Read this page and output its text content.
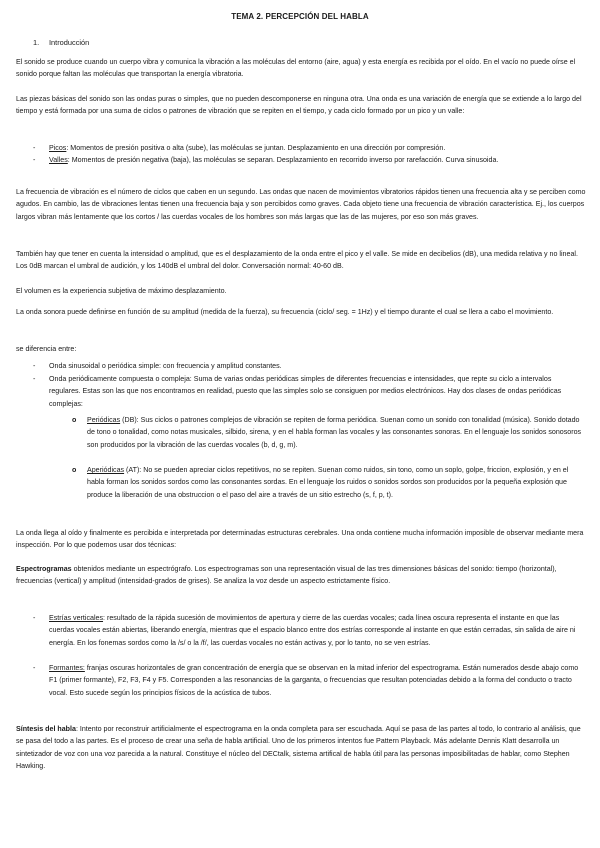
TEMA 2. PERCEPCIÓN DEL HABLA
1. Introducción

El sonido se produce cuando un cuerpo vibra y comunica la vibración a las moléculas del entorno (aire, agua) y esta energía es recibida por el oído. En el vacío no puede oírse el sonido porque faltan las moléculas que transportan la energía vibratoria.

Las piezas básicas del sonido son las ondas puras o simples, que no pueden descomponerse en ninguna otra. Una onda es una variación de energía que se extiende a lo largo del tiempo y está formada por una suma de ciclos o patrones de vibración que se repiten en el tiempo, y cada ciclo formado por un pico y un valle:

- Picos: Momentos de presión positiva o alta (sube), las moléculas se juntan. Desplazamiento en una dirección por compresión.

- Valles: Momentos de presión negativa (baja), las moléculas se separan. Desplazamiento en recorrido inverso por rarefacción. Curva sinusoida.

La frecuencia de vibración es el número de ciclos que caben en un segundo. Las ondas que nacen de movimientos vibratorios rápidos tienen una frecuencia alta y se perciben como agudos. En cambio, las de vibraciones lentas tienen una frecuencia baja y son percibidos como graves. Cada objeto tiene una frecuencia de vibración característica. Ej., los cuerpos largos vibran más lentamente que los cortos / las cuerdas vocales de los hombres son más largas que las de las mujeres, por eso son más graves.

También hay que tener en cuenta la intensidad o amplitud, que es el desplazamiento de la onda entre el pico y el valle. Se mide en decibelios (dB), una medida relativa y no lineal. Los 0dB marcan el umbral de audición, y los 140dB el umbral del dolor. Conversación normal: 40-60 dB.

El volumen es la experiencia subjetiva de máximo desplazamiento.

La onda sonora puede definirse en función de su amplitud (medida de la fuerza), su frecuencia (ciclo/ seg. = 1Hz) y el tiempo durante el cual se llera a cabo el movimiento.

se diferencia entre:

- Onda sinusoidal o periódica simple: con frecuencia y amplitud constantes.

- Onda periódicamente compuesta o compleja: Suma de varias ondas periódicas simples de diferentes frecuencias e intensidades, que repte su ciclo a intervalos regulares. Estas son las que nos encontramos en realidad, puesto que las simples solo se consiguen por medios electrónicos. Hay dos clases de ondas periódicas complejas:

o Periódicas (DB): Sus ciclos o patrones complejos de vibración se repiten de forma periódica. Suenan como un sonido con tonalidad (música). Sonido dotado de tono o tonalidad, como notas musicales, silbido, sirena, y en el habla forman las vocales y las consonantes sonoras. En el lenguaje los sonidos sonosoros son producidos por la vibración de las cuerdas vocales (b, d, g, m).

o Aperiódicas (AT): No se pueden apreciar ciclos repetitivos, no se repiten. Suenan como ruidos, sin tono, como un soplo, golpe, friccion, explosión, y en el habla forman los sonidos sordos como las consonantes sordas. En el lenguaje los ruidos o sonidos sordos son producidos por la pequeña explosión que produce la liberación de una obstruccion o el paso del aire a través de un sitio estrecho (s, f, p, t).

La onda llega al oído y finalmente es percibida e interpretada por determinadas estructuras cerebrales. Una onda contiene mucha información imposible de observar mediante mera inspección. Por lo que podemos usar dos técnicas:

Espectrogramas obtenidos mediante un espectrógrafo. Los espectrogramas son una representación visual de las tres dimensiones básicas del sonido: tiempo (horizontal), frecuencias (vertical) y amplitud (intensidad-grados de grises). Se analiza la voz desde un aspecto estrictamente físico.

- Estrías verticales: resultado de la rápida sucesión de movimientos de apertura y cierre de las cuerdas vocales; cada línea oscura representa el instante en que las cuerdas vocales están abiertas, liberando energía, mientras que el espacio blanco entre dos estrías corresponde al instante en que están cerradas, sin salida de aire ni energía. En los fonemas sordos como la /s/ o la /f/, las cuerdas vocales no están activas y, por lo tanto, no se ven estrías.

- Formantes: franjas oscuras horizontales de gran concentración de energía que se observan en la mitad inferior del espectrograma. Están numerados desde abajo como F1 (primer formante), F2, F3, F4 y F5. Corresponden a las resonancias de la garganta, o frecuencias que resultan potenciadas debido a la forma del conducto o tracto vocal. Esto sucede según los principios físicos de la acústica de tubos.

Síntesis del habla: Intento por reconstruir artificialmente el espectrograma en la onda completa para ser escuchada. Aquí se pasa de las partes al todo, lo contrario al análisis, que se pasa del todo a las partes. Es el proceso de crear una seña de habla artificial. Uno de los primeros intentos fue Pattern Playback. Más adelante Dennis Klatt desarrolla un sintetizador de voz con una voz parecida a la natural. Constituye el núcleo del DECtalk, sistema artifical de habla útil para las personas imposibilitadas de hablar, como Stephen Hawking.
